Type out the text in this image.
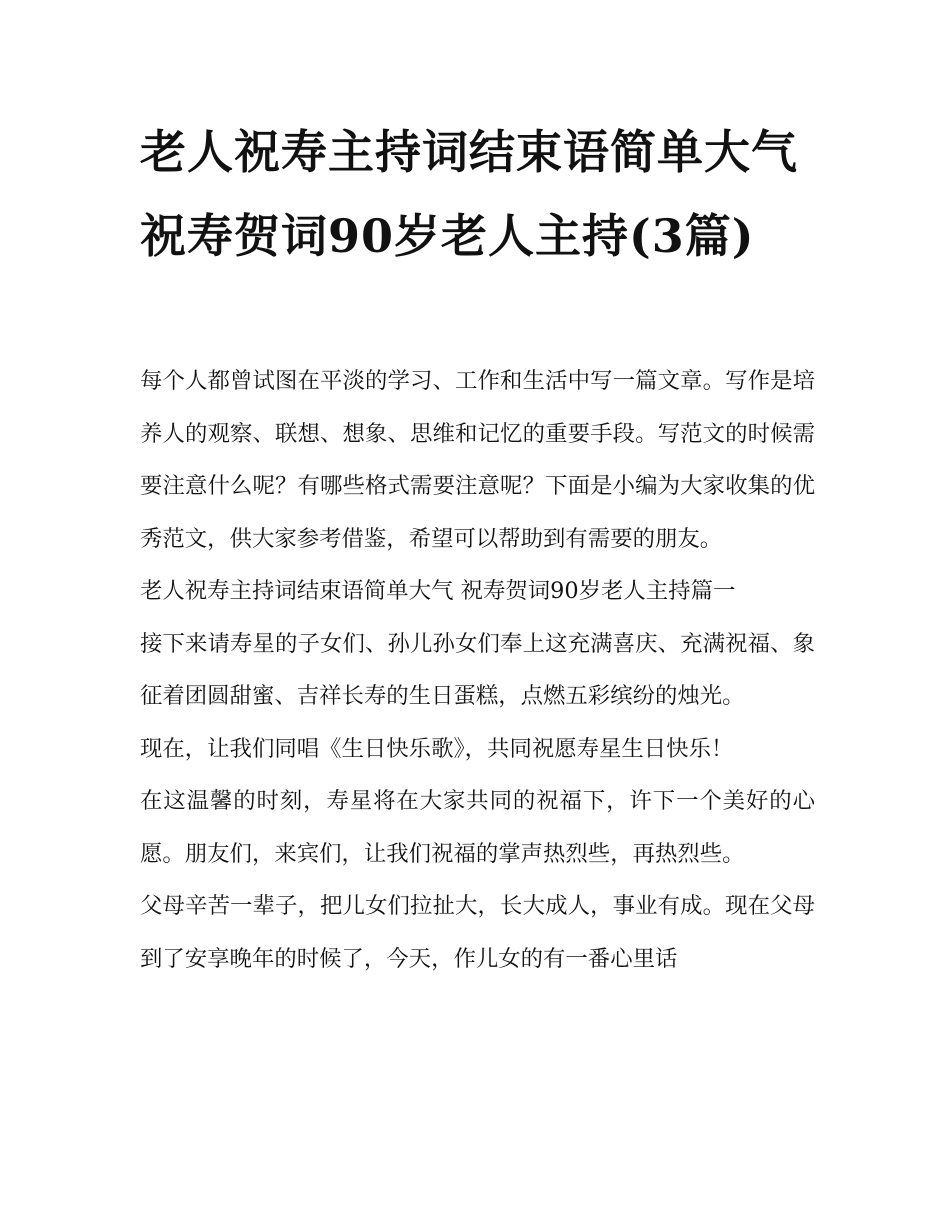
老人祝寿主持词结束语简单大气 祝寿贺词90岁老人主持(3篇)

每个人都曾试图在平淡的学习、工作和生活中写一篇文章。写作是培养人的观察、联想、想象、思维和记忆的重要手段。写范文的时候需要注意什么呢？有哪些格式需要注意呢？下面是小编为大家收集的优秀范文，供大家参考借鉴，希望可以帮助到有需要的朋友。

老人祝寿主持词结束语简单大气 祝寿贺词90岁老人主持篇一

接下来请寿星的子女们、孙儿孙女们奉上这充满喜庆、充满祝福、象征着团圆甜蜜、吉祥长寿的生日蛋糕，点燃五彩缤纷的烛光。

现在，让我们同唱《生日快乐歌》，共同祝愿寿星生日快乐！

在这温馨的时刻，寿星将在大家共同的祝福下，许下一个美好的心愿。朋友们，来宾们，让我们祝福的掌声热烈些，再热烈些。

父母辛苦一辈子，把儿女们拉扯大，长大成人，事业有成。现在父母到了安享晚年的时候了，今天，作儿女的有一番心里话
